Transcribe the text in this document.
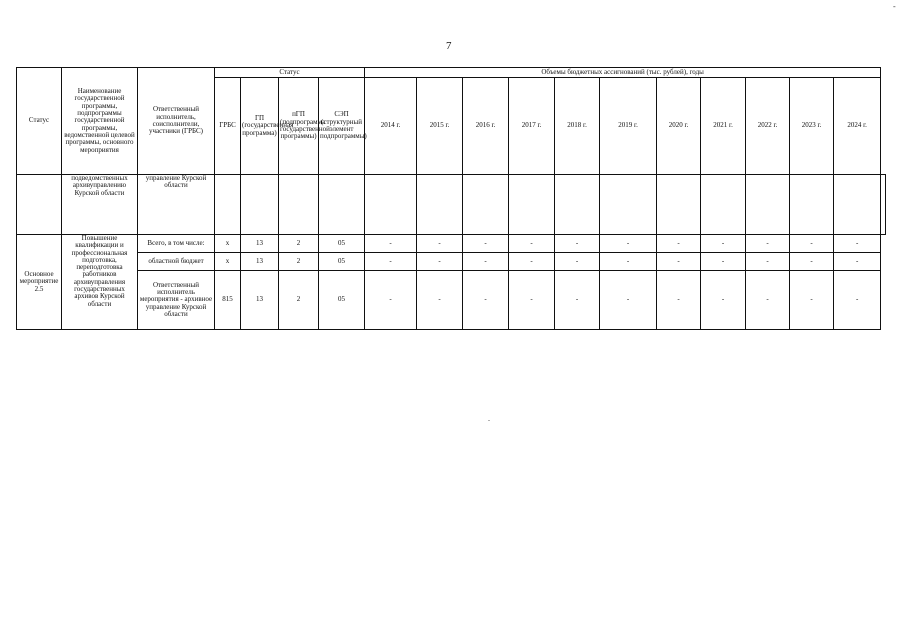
7
-
.
Статус	Наименование государственной программы, подпрограммы государственной программы, ведомственной целевой программы, основного мероприятия	Ответственный исполнитель, соисполнители, участники (ГРБС)	Статус				Объемы бюджетных ассигнований (тыс. рублей), годы											
			ГРБС	ГП (государственная программа)	пГП (подпрограмма государственной программы)	СЭП (структурный элемент подпрограммы)	2014 г.	2015 г.	2016 г.	2017 г.	2018 г.	2019 г.	2020 г.	2021 г.	2022 г.	2023 г.	2024 г.	
	подведомственных архивуправлению Курской области	управление Курской области																
Основное мероприятие 2.5	Повышение квалификации и профессиональная подготовка, переподготовка работников архивуправления государственных архивов Курской области	Всего, в том числе:	х	13	2	05	-	-	-	-	-	-	-	-	-	-	-	
		областной бюджет	х	13	2	05	-	-	-	-	-	-	-	-	-	-	-	
		Ответственный исполнитель мероприятия - архивное управление Курской области	815	13	2	05	-	-	-	-	-	-	-	-	-	-	-	
